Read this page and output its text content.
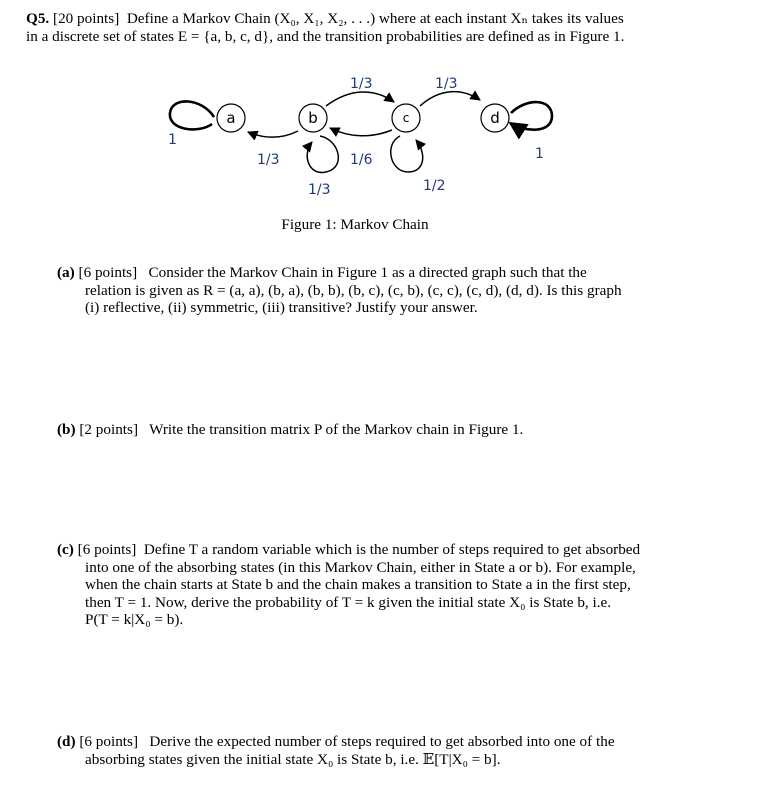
Q5. [20 points] Define a Markov Chain (X₀, X₁, X₂, . . .) where at each instant Xₙ takes its values
in a discrete set of states E = {a, b, c, d}, and the transition probabilities are defined as in Figure 1.
a	b	c	d
1/3	1/3
1
1
1/3	1/6
1/3	1/2
Figure 1: Markov Chain
(a) [6 points] Consider the Markov Chain in Figure 1 as a directed graph such that the
relation is given as R = (a, a), (b, a), (b, b), (b, c), (c, b), (c, c), (c, d), (d, d). Is this graph
(i) reflective, (ii) symmetric, (iii) transitive? Justify your answer.
(b) [2 points] Write the transition matrix P of the Markov chain in Figure 1.
(c) [6 points] Define T a random variable which is the number of steps required to get absorbed
into one of the absorbing states (in this Markov Chain, either in State a or b). For example,
when the chain starts at State b and the chain makes a transition to State a in the first step,
then T = 1. Now, derive the probability of T = k given the initial state X₀ is State b, i.e.
P(T = k|X₀ = b).
(d) [6 points] Derive the expected number of steps required to get absorbed into one of the
absorbing states given the initial state X₀ is State b, i.e. 𝔼[T|X₀ = b].
